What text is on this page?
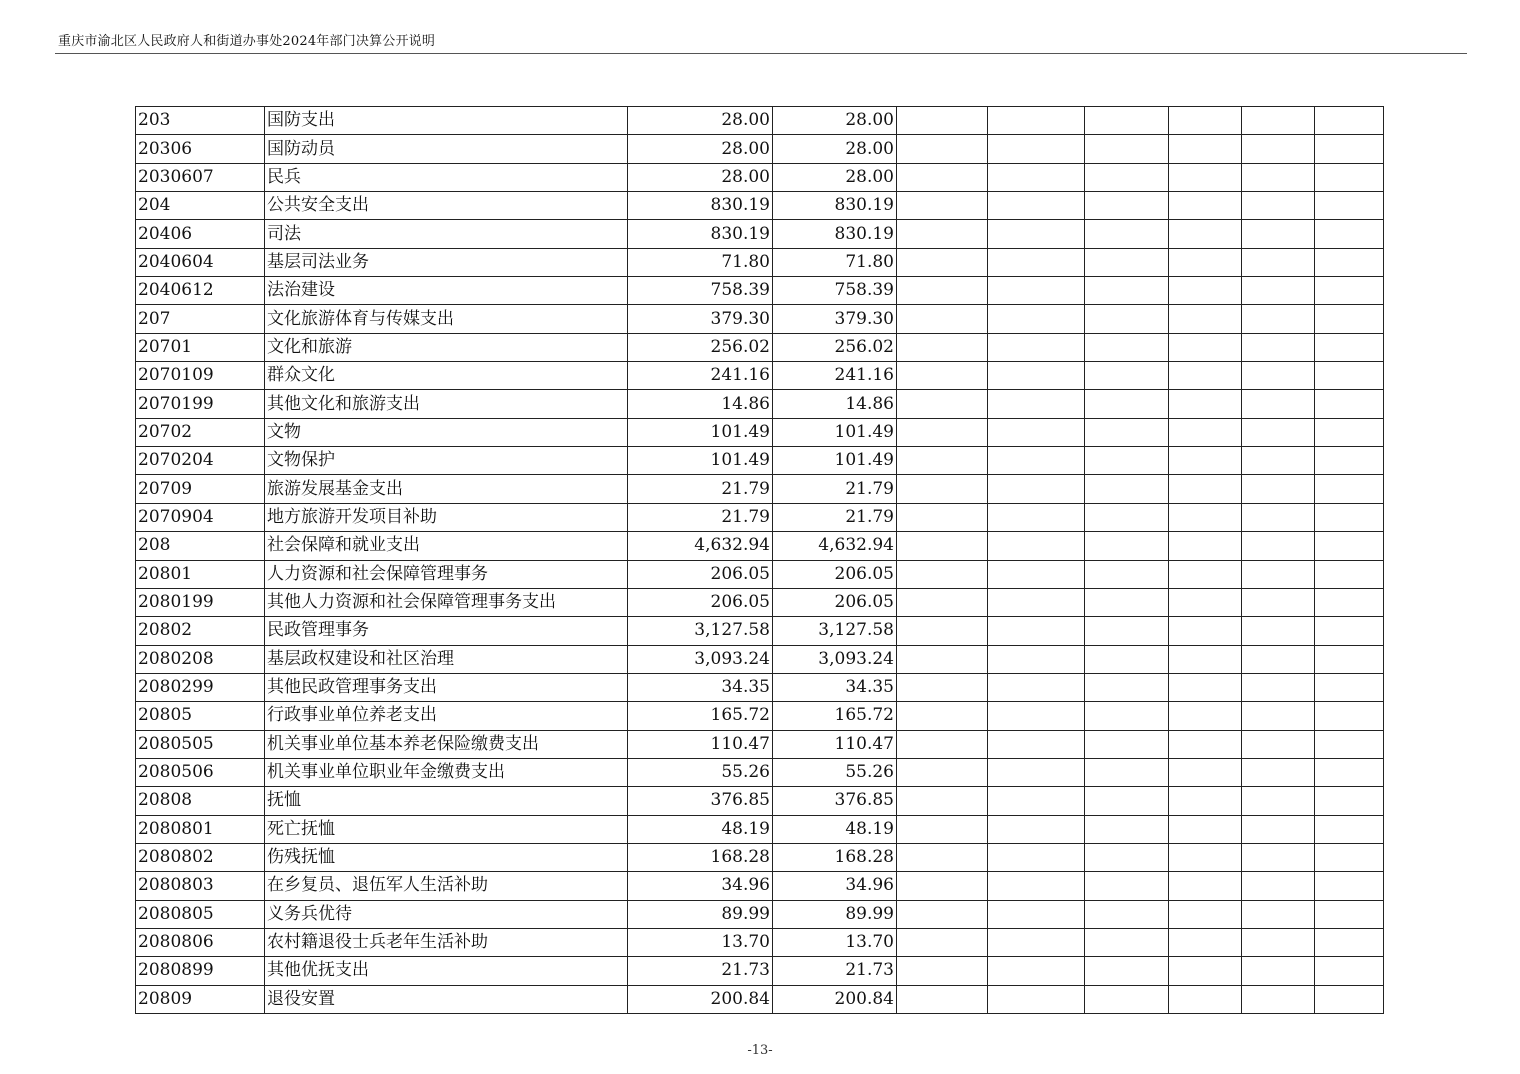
重庆市渝北区人民政府人和街道办事处2024年部门决算公开说明
203	国防支出	28.00	28.00						
20306	国防动员	28.00	28.00						
2030607	民兵	28.00	28.00						
204	公共安全支出	830.19	830.19						
20406	司法	830.19	830.19						
2040604	基层司法业务	71.80	71.80						
2040612	法治建设	758.39	758.39						
207	文化旅游体育与传媒支出	379.30	379.30						
20701	文化和旅游	256.02	256.02						
2070109	群众文化	241.16	241.16						
2070199	其他文化和旅游支出	14.86	14.86						
20702	文物	101.49	101.49						
2070204	文物保护	101.49	101.49						
20709	旅游发展基金支出	21.79	21.79						
2070904	地方旅游开发项目补助	21.79	21.79						
208	社会保障和就业支出	4,632.94	4,632.94						
20801	人力资源和社会保障管理事务	206.05	206.05						
2080199	其他人力资源和社会保障管理事务支出	206.05	206.05						
20802	民政管理事务	3,127.58	3,127.58						
2080208	基层政权建设和社区治理	3,093.24	3,093.24						
2080299	其他民政管理事务支出	34.35	34.35						
20805	行政事业单位养老支出	165.72	165.72						
2080505	机关事业单位基本养老保险缴费支出	110.47	110.47						
2080506	机关事业单位职业年金缴费支出	55.26	55.26						
20808	抚恤	376.85	376.85						
2080801	死亡抚恤	48.19	48.19						
2080802	伤残抚恤	168.28	168.28						
2080803	在乡复员、退伍军人生活补助	34.96	34.96						
2080805	义务兵优待	89.99	89.99						
2080806	农村籍退役士兵老年生活补助	13.70	13.70						
2080899	其他优抚支出	21.73	21.73						
20809	退役安置	200.84	200.84						
-13-
